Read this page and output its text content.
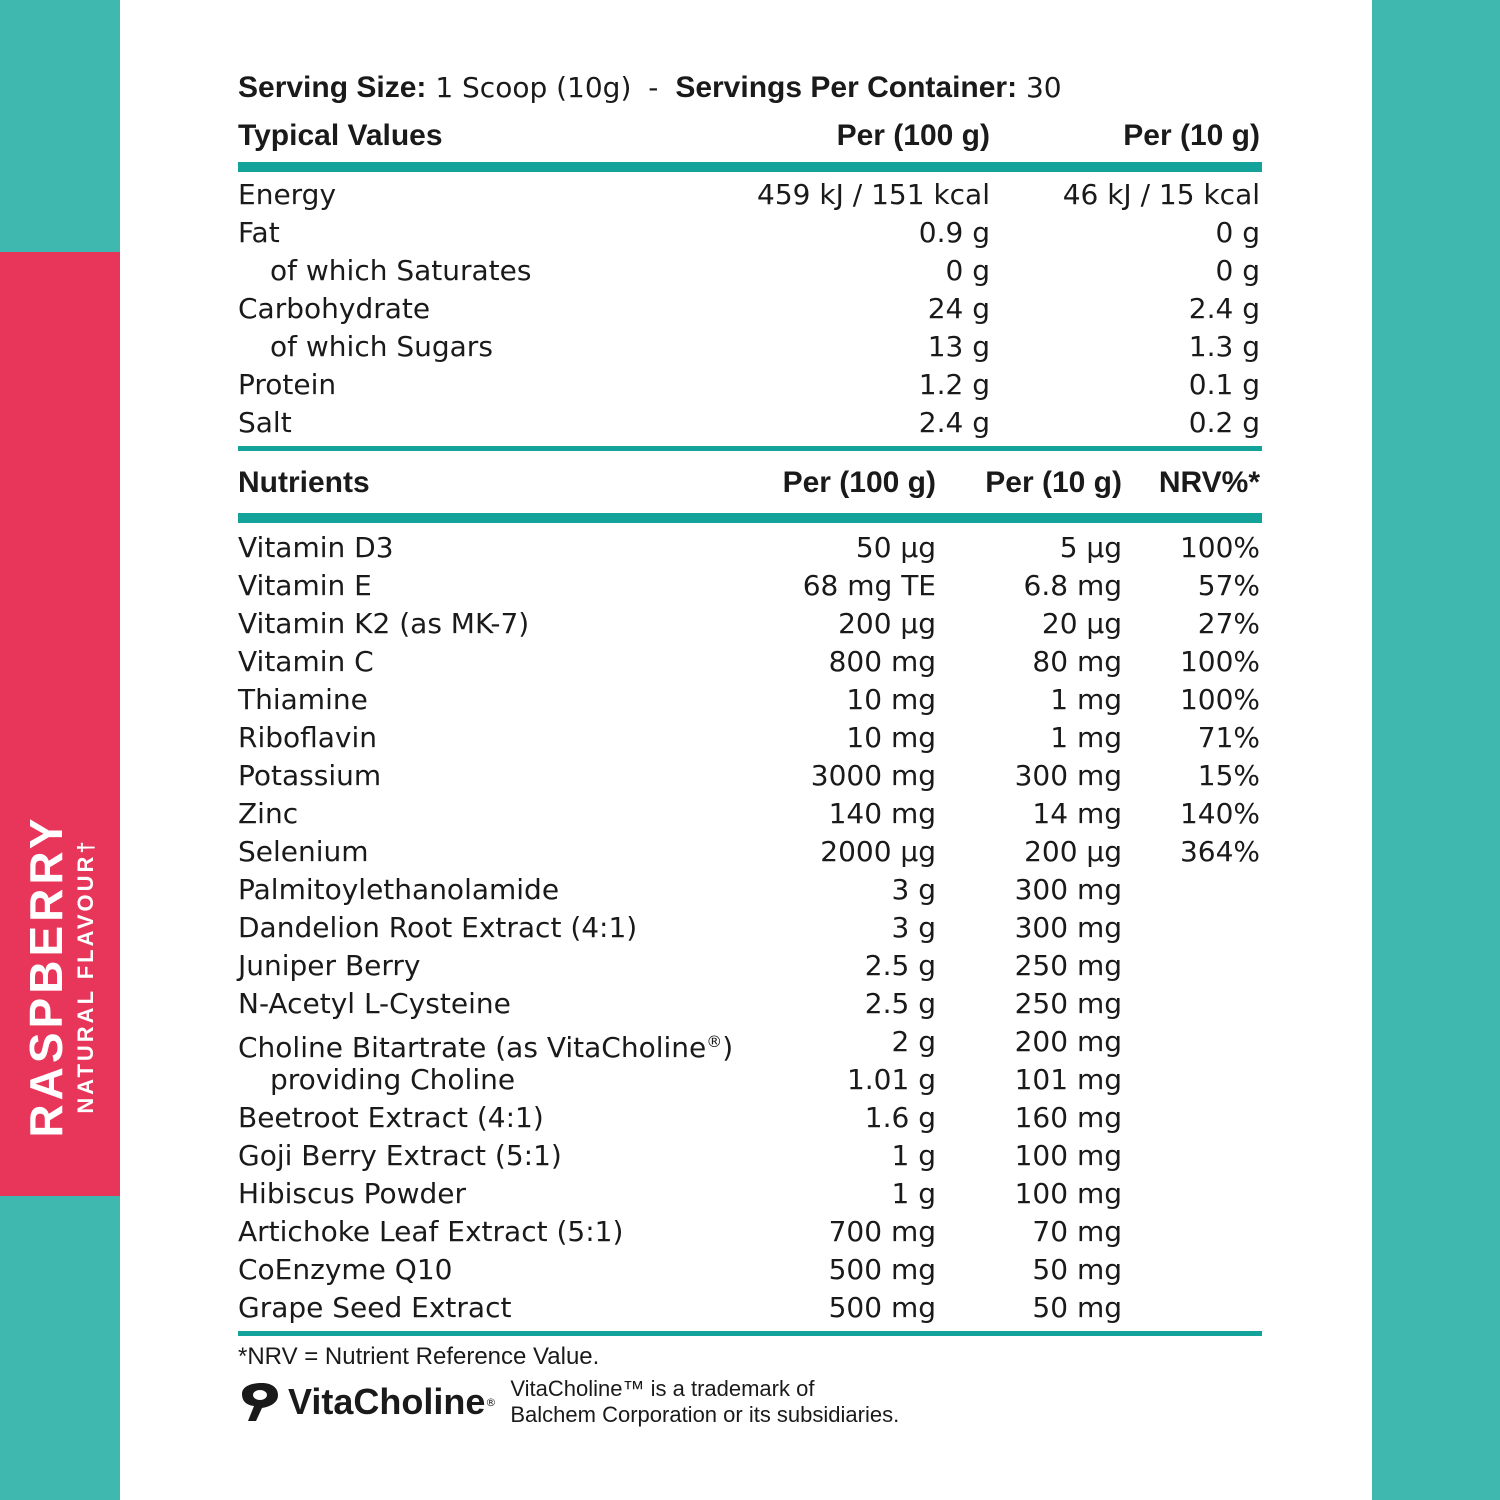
RASPBERRY NATURAL FLAVOUR†
Serving Size: 1 Scoop (10g) - Servings Per Container: 30
Typical Values	Per (100 g)	Per (10 g)
Energy	459 kJ / 151 kcal	46 kJ / 15 kcal
Fat	0.9 g	0 g
of which Saturates	0 g	0 g
Carbohydrate	24 g	2.4 g
of which Sugars	13 g	1.3 g
Protein	1.2 g	0.1 g
Salt	2.4 g	0.2 g
Nutrients	Per (100 g)	Per (10 g)	NRV%*
Vitamin D3	50 µg	5 µg	100%
Vitamin E	68 mg TE	6.8 mg	57%
Vitamin K2 (as MK-7)	200 µg	20 µg	27%
Vitamin C	800 mg	80 mg	100%
Thiamine	10 mg	1 mg	100%
Riboflavin	10 mg	1 mg	71%
Potassium	3000 mg	300 mg	15%
Zinc	140 mg	14 mg	140%
Selenium	2000 µg	200 µg	364%
Palmitoylethanolamide	3 g	300 mg
Dandelion Root Extract (4:1)	3 g	300 mg
Juniper Berry	2.5 g	250 mg
N-Acetyl L-Cysteine	2.5 g	250 mg
Choline Bitartrate (as VitaCholine®)	2 g	200 mg
providing Choline	1.01 g	101 mg
Beetroot Extract (4:1)	1.6 g	160 mg
Goji Berry Extract (5:1)	1 g	100 mg
Hibiscus Powder	1 g	100 mg
Artichoke Leaf Extract (5:1)	700 mg	70 mg
CoEnzyme Q10	500 mg	50 mg
Grape Seed Extract	500 mg	50 mg
*NRV = Nutrient Reference Value.
VitaCholine ®
VitaCholine™ is a trademark of
Balchem Corporation or its subsidiaries.
